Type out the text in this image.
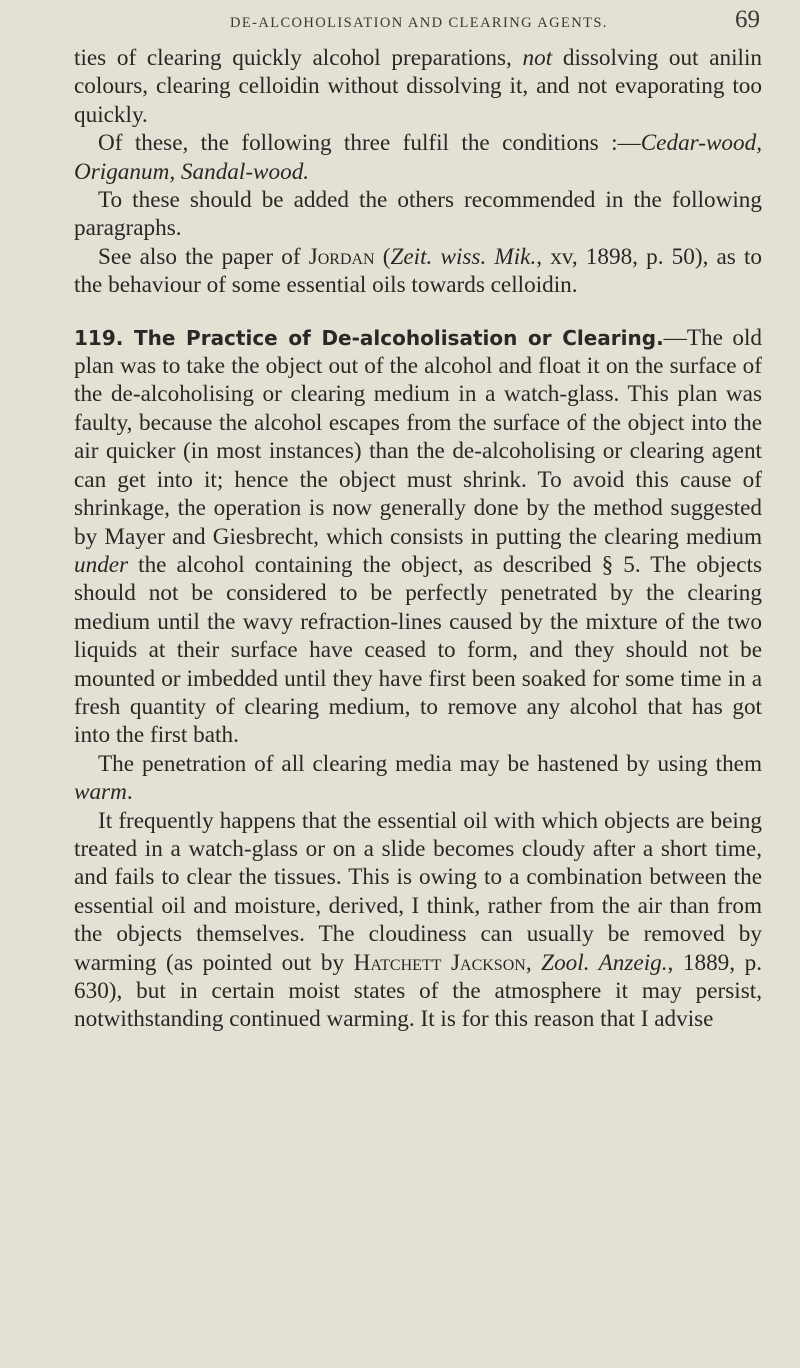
DE-ALCOHOLISATION AND CLEARING AGENTS.	69

ties of clearing quickly alcohol preparations, not dissolving out anilin colours, clearing celloidin without dissolving it, and not evaporating too quickly.

Of these, the following three fulfil the conditions :—Cedar-wood, Origanum, Sandal-wood.

To these should be added the others recommended in the following paragraphs.

See also the paper of Jordan (Zeit. wiss. Mik., xv, 1898, p. 50), as to the behaviour of some essential oils towards celloidin.

119. The Practice of De-alcoholisation or Clearing.—The old plan was to take the object out of the alcohol and float it on the surface of the de-alcoholising or clearing medium in a watch-glass. This plan was faulty, because the alcohol escapes from the surface of the object into the air quicker (in most instances) than the de-alcoholising or clearing agent can get into it; hence the object must shrink. To avoid this cause of shrinkage, the operation is now generally done by the method suggested by Mayer and Giesbrecht, which consists in putting the clearing medium under the alcohol containing the object, as described § 5. The objects should not be considered to be perfectly penetrated by the clearing medium until the wavy refraction-lines caused by the mixture of the two liquids at their surface have ceased to form, and they should not be mounted or imbedded until they have first been soaked for some time in a fresh quantity of clearing medium, to remove any alcohol that has got into the first bath.

The penetration of all clearing media may be hastened by using them warm.

It frequently happens that the essential oil with which objects are being treated in a watch-glass or on a slide becomes cloudy after a short time, and fails to clear the tissues. This is owing to a combination between the essential oil and moisture, derived, I think, rather from the air than from the objects themselves. The cloudiness can usually be removed by warming (as pointed out by Hatchett Jackson, Zool. Anzeig., 1889, p. 630), but in certain moist states of the atmosphere it may persist, notwithstanding continued warming. It is for this reason that I advise
